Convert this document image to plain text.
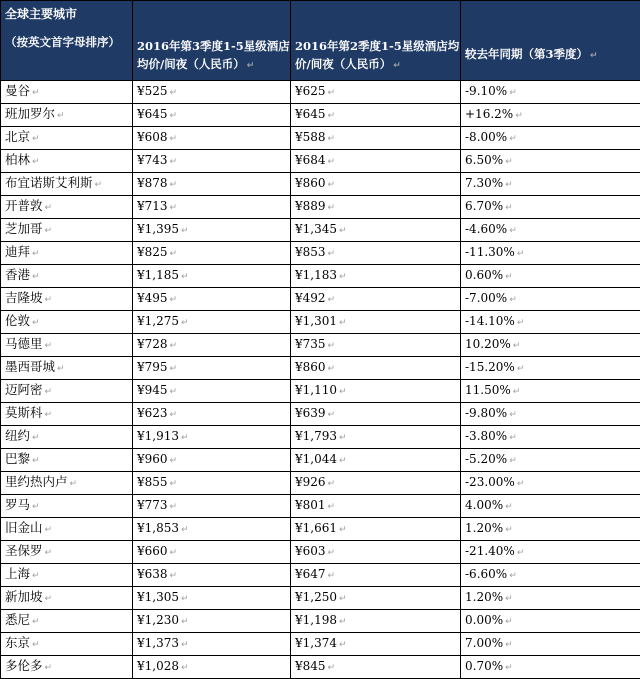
全球主要城市
（按英文首字母排序）	2016年第3季度1-5星级酒店均价/间夜（人民币） ↵	2016年第2季度1-5星级酒店均价/间夜（人民币） ↵	较去年同期（第3季度） ↵
曼谷 ↵	¥525 ↵	¥625 ↵	-9.10% ↵
班加罗尔 ↵	¥645 ↵	¥645 ↵	+16.2% ↵
北京 ↵	¥608 ↵	¥588 ↵	-8.00% ↵
柏林 ↵	¥743 ↵	¥684 ↵	6.50% ↵
布宜诺斯艾利斯 ↵	¥878 ↵	¥860 ↵	7.30% ↵
开普敦 ↵	¥713 ↵	¥889 ↵	6.70% ↵
芝加哥 ↵	¥1,395 ↵	¥1,345 ↵	-4.60% ↵
迪拜 ↵	¥825 ↵	¥853 ↵	-11.30% ↵
香港 ↵	¥1,185 ↵	¥1,183 ↵	0.60% ↵
吉隆坡 ↵	¥495 ↵	¥492 ↵	-7.00% ↵
伦敦 ↵	¥1,275 ↵	¥1,301 ↵	-14.10% ↵
马德里 ↵	¥728 ↵	¥735 ↵	10.20% ↵
墨西哥城 ↵	¥795 ↵	¥860 ↵	-15.20% ↵
迈阿密 ↵	¥945 ↵	¥1,110 ↵	11.50% ↵
莫斯科 ↵	¥623 ↵	¥639 ↵	-9.80% ↵
纽约 ↵	¥1,913 ↵	¥1,793 ↵	-3.80% ↵
巴黎 ↵	¥960 ↵	¥1,044 ↵	-5.20% ↵
里约热内卢 ↵	¥855 ↵	¥926 ↵	-23.00% ↵
罗马 ↵	¥773 ↵	¥801 ↵	4.00% ↵
旧金山 ↵	¥1,853 ↵	¥1,661 ↵	1.20% ↵
圣保罗 ↵	¥660 ↵	¥603 ↵	-21.40% ↵
上海 ↵	¥638 ↵	¥647 ↵	-6.60% ↵
新加坡 ↵	¥1,305 ↵	¥1,250 ↵	1.20% ↵
悉尼 ↵	¥1,230 ↵	¥1,198 ↵	0.00% ↵
东京 ↵	¥1,373 ↵	¥1,374 ↵	7.00% ↵
多伦多 ↵	¥1,028 ↵	¥845 ↵	0.70% ↵
